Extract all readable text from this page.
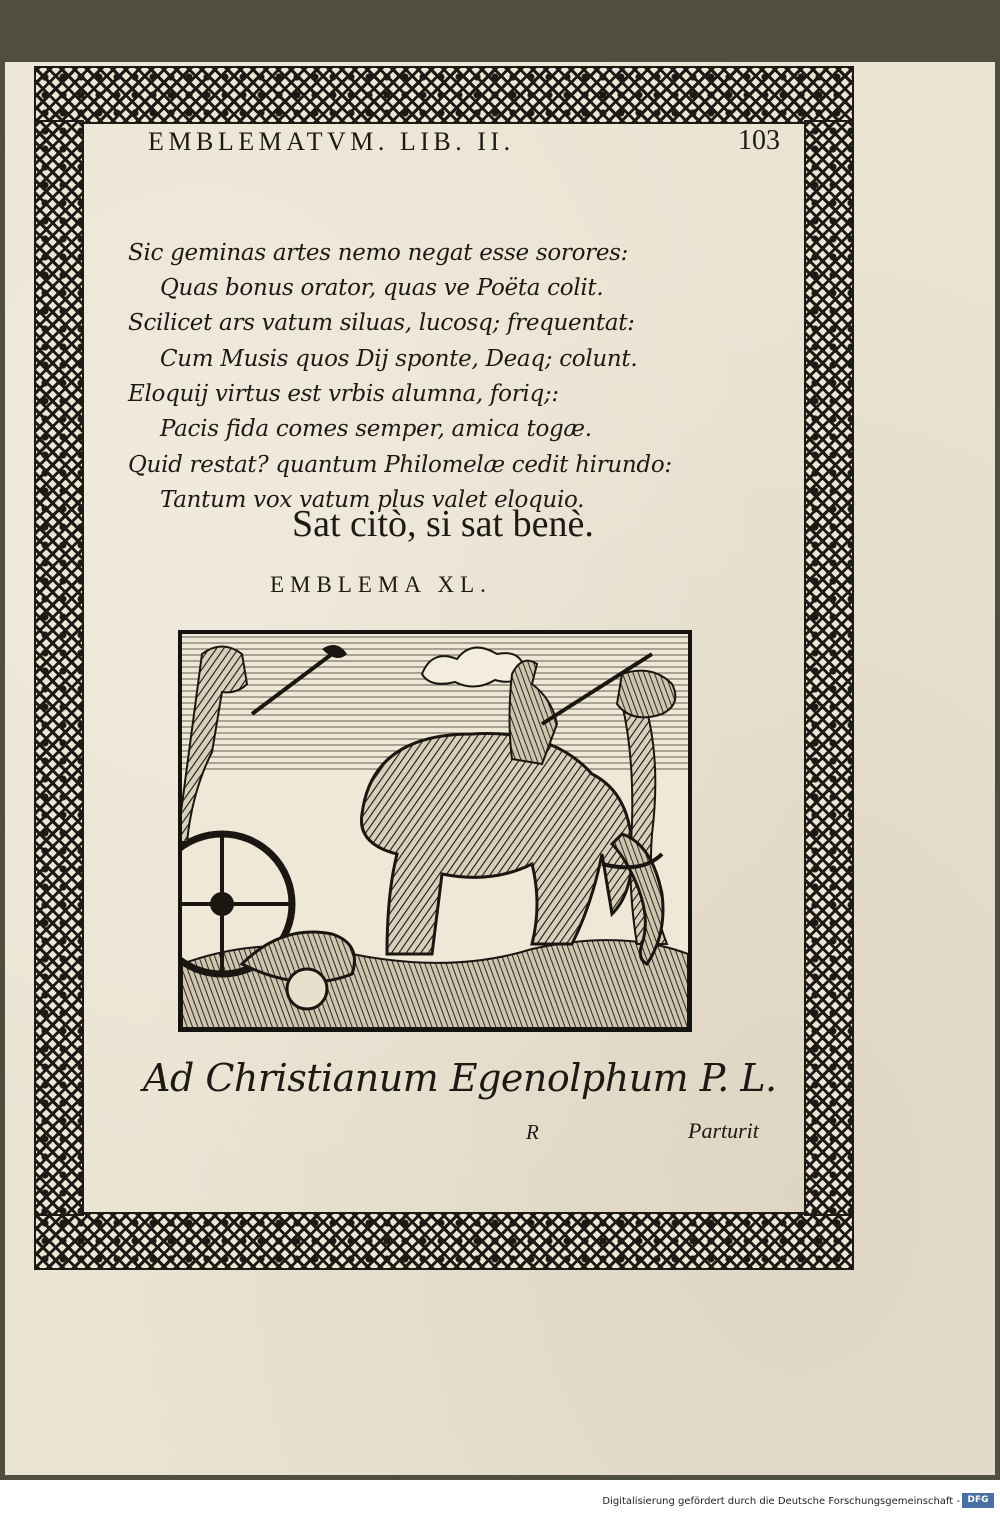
EMBLEMATVM. LIB. II.	103
Sic geminas artes nemo negat esse sorores:
Quas bonus orator, quas ve Poëta colit.
Scilicet ars vatum siluas, lucosq; frequentat:
Cum Musis quos Dij sponte, Deaq; colunt.
Eloquij virtus est vrbis alumna, foriq;:
Pacis fida comes semper, amica togæ.
Quid restat? quantum Philomelæ cedit hirundo:
Tantum vox vatum plus valet eloquio.
Sat citò, si sat benè.
EMBLEMA XL.
Ad Christianum Egenolphum P. L.
R	Parturit
Digitalisierung gefördert durch die Deutsche Forschungsgemeinschaft - DFG
